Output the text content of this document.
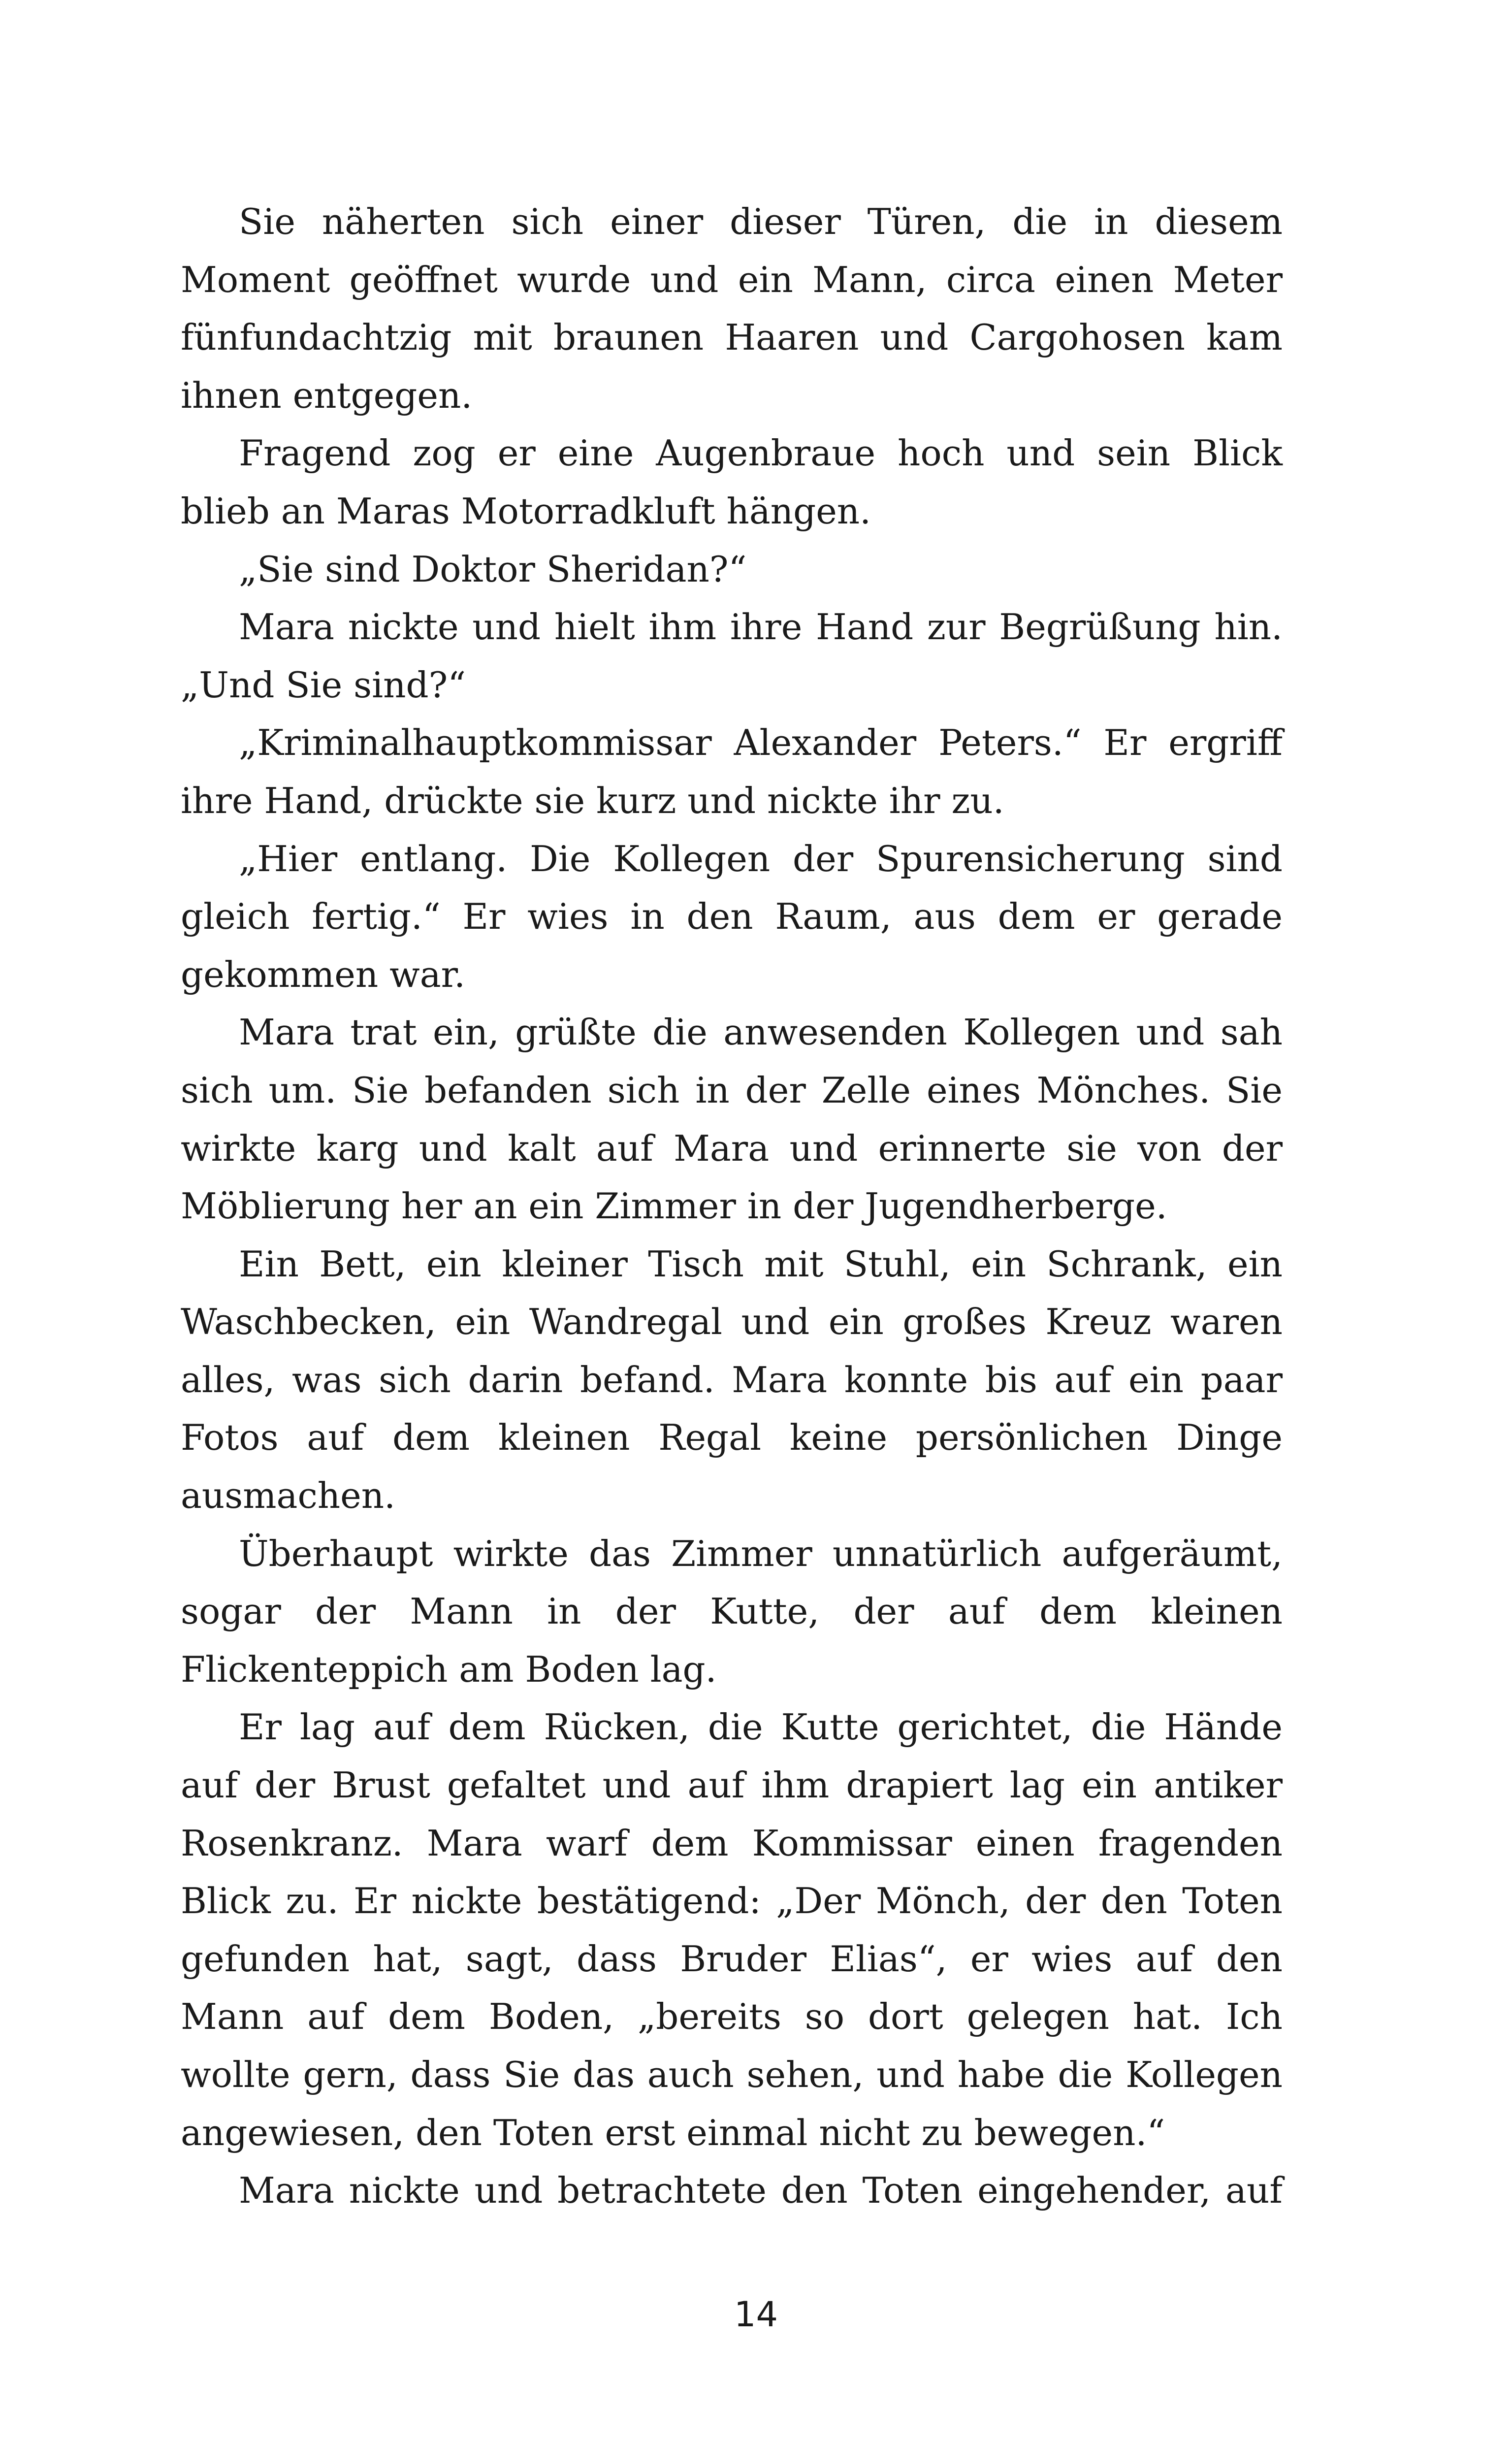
Sie näherten sich einer dieser Türen, die in diesem Moment geöffnet wurde und ein Mann, circa einen Meter fünfundachtzig mit braunen Haaren und Cargohosen kam ihnen entgegen.

Fragend zog er eine Augenbraue hoch und sein Blick blieb an Maras Motorradkluft hängen.

„Sie sind Doktor Sheridan?“

Mara nickte und hielt ihm ihre Hand zur Begrüßung hin. „Und Sie sind?“

„Kriminalhauptkommissar Alexander Peters.“ Er ergriff ihre Hand, drückte sie kurz und nickte ihr zu.

„Hier entlang. Die Kollegen der Spurensicherung sind gleich fertig.“ Er wies in den Raum, aus dem er gerade gekommen war.

Mara trat ein, grüßte die anwesenden Kollegen und sah sich um. Sie befanden sich in der Zelle eines Mönches. Sie wirkte karg und kalt auf Mara und erinnerte sie von der Möblierung her an ein Zimmer in der Jugendherberge.

Ein Bett, ein kleiner Tisch mit Stuhl, ein Schrank, ein Waschbecken, ein Wandregal und ein großes Kreuz waren alles, was sich darin befand. Mara konnte bis auf ein paar Fotos auf dem kleinen Regal keine persönlichen Dinge ausmachen.

Überhaupt wirkte das Zimmer unnatürlich aufgeräumt, sogar der Mann in der Kutte, der auf dem kleinen Flickenteppich am Boden lag.

Er lag auf dem Rücken, die Kutte gerichtet, die Hände auf der Brust gefaltet und auf ihm drapiert lag ein antiker Rosenkranz. Mara warf dem Kommissar einen fragenden Blick zu. Er nickte bestätigend: „Der Mönch, der den Toten gefunden hat, sagt, dass Bruder Elias“, er wies auf den Mann auf dem Boden, „bereits so dort gelegen hat. Ich wollte gern, dass Sie das auch sehen, und habe die Kollegen angewiesen, den Toten erst einmal nicht zu bewegen.“

Mara nickte und betrachtete den Toten eingehender, auf

14
